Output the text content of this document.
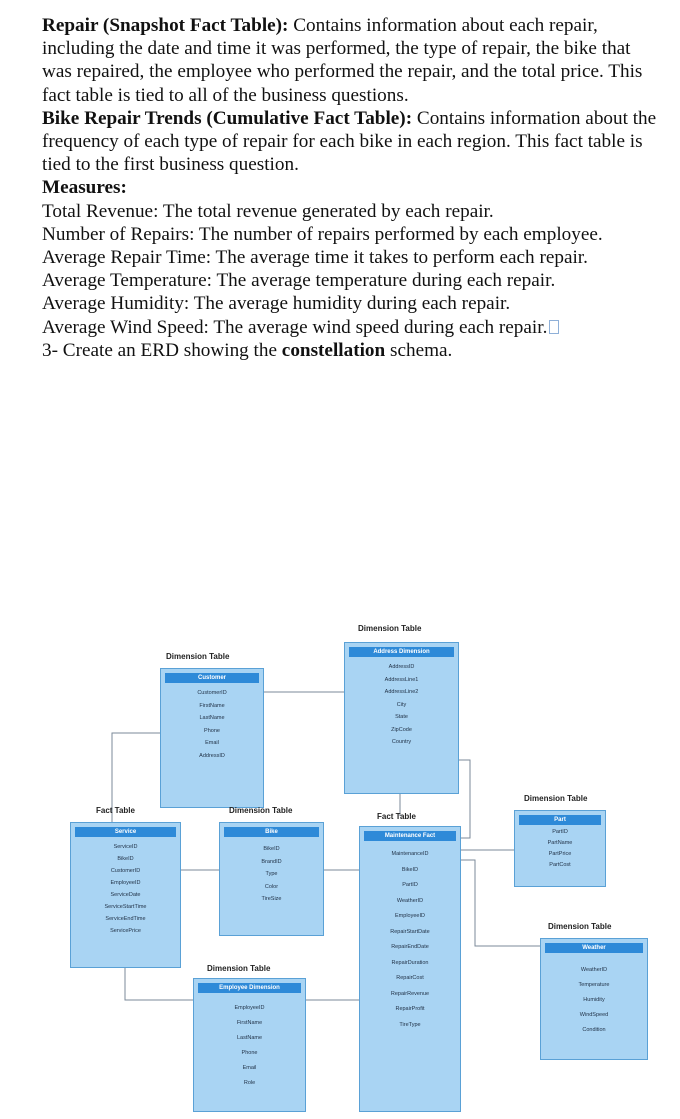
Repair (Snapshot Fact Table): Contains information about each repair, including the date and time it was performed, the type of repair, the bike that was repaired, the employee who performed the repair, and the total price. This fact table is tied to all of the business questions.

Bike Repair Trends (Cumulative Fact Table): Contains information about the frequency of each type of repair for each bike in each region. This fact table is tied to the first business question.

Measures:

Total Revenue: The total revenue generated by each repair.

Number of Repairs: The number of repairs performed by each employee.

Average Repair Time: The average time it takes to perform each repair.

Average Temperature: The average temperature during each repair.

Average Humidity: The average humidity during each repair.

Average Wind Speed: The average wind speed during each repair.

3- Create an ERD showing the constellation schema.

Dimension Table
Customer
CustomerID
FirstName
LastName
Phone
Email
AddressID
Dimension Table
Address Dimension
AddressID
AddressLine1
AddressLine2
City
State
ZipCode
Country
Dimension Table
Part
PartID
PartName
PartPrice
PartCost
Fact Table
Service
ServiceID
BikeID
CustomerID
EmployeeID
ServiceDate
ServiceStartTime
ServiceEndTime
ServicePrice
Dimension Table
Bike
BikeID
BrandID
Type
Color
TireSize
Fact Table
Maintenance Fact
MaintenanceID
BikeID
PartID
WeatherID
EmployeeID
RepairStartDate
RepairEndDate
RepairDuration
RepairCost
RepairRevenue
RepairProfit
TireType
Dimension Table
Employee Dimension
EmployeeID
FirstName
LastName
Phone
Email
Role
Dimension Table
Weather
WeatherID
Temperature
Humidity
WindSpeed
Condition
